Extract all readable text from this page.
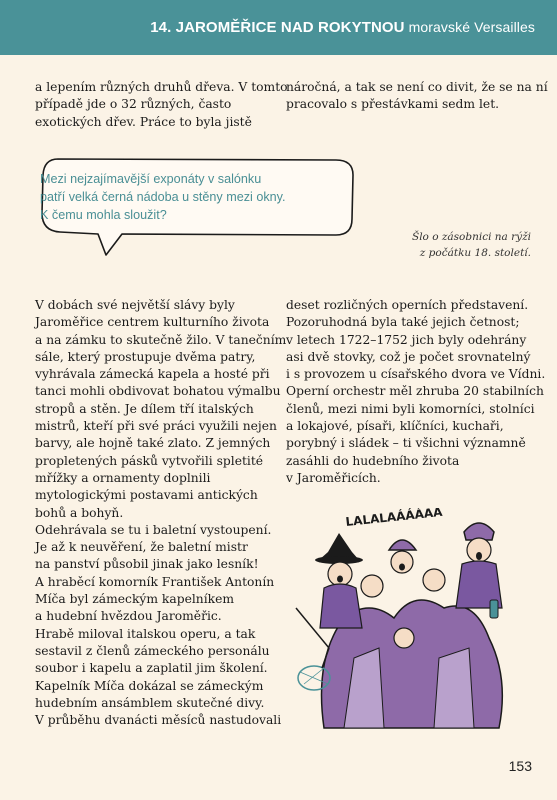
14. JAROMĚŘICE NAD ROKYTNOU moravské Versailles

a lepením různých druhů dřeva. V tomto

případě jde o 32 různých, často

exotických dřev. Práce to byla jistě

náročná, a tak se není co divit, že se na ní

pracovalo s přestávkami sedm let.

Mezi nejzajímavější exponáty v salónku

patří velká černá nádoba u stěny mezi okny.

K čemu mohla sloužit?

Šlo o zásobnici na rýži

z počátku 18. století.

V dobách své největší slávy byly

Jaroměřice centrem kulturního života

a na zámku to skutečně žilo. V tanečním

sále, který prostupuje dvěma patry,

vyhrávala zámecká kapela a hosté při

tanci mohli obdivovat bohatou výmalbu

stropů a stěn. Je dílem tří italských

mistrů, kteří při své práci využili nejen

barvy, ale hojně také zlato. Z jemných

propletených pásků vytvořili spletité

mřížky a ornamenty doplnili

mytologickými postavami antických

bohů a bohyň.

Odehrávala se tu i baletní vystoupení.

Je až k neuvěření, že baletní mistr

na panství působil jinak jako lesník!

A hraběcí komorník František Antonín

Míča byl zámeckým kapelníkem

a hudební hvězdou Jaroměřic.

Hrabě miloval italskou operu, a tak

sestavil z členů zámeckého personálu

soubor i kapelu a zaplatil jim školení.

Kapelník Míča dokázal se zámeckým

hudebním ansámblem skutečné divy.

V průběhu dvanácti měsíců nastudovali

deset rozličných operních představení.

Pozoruhodná byla také jejich četnost;

v letech 1722–1752 jich byly odehrány

asi dvě stovky, což je počet srovnatelný

i s provozem u císařského dvora ve Vídni.

Operní orchestr měl zhruba 20 stabilních

členů, mezi nimi byli komorníci, stolníci

a lokajové, písaři, klíčníci, kuchaři,

porybný i sládek – ti všichni významně

zasáhli do hudebního života

v Jaroměřicích.

LALALAÁÁÁÁÁ
153
